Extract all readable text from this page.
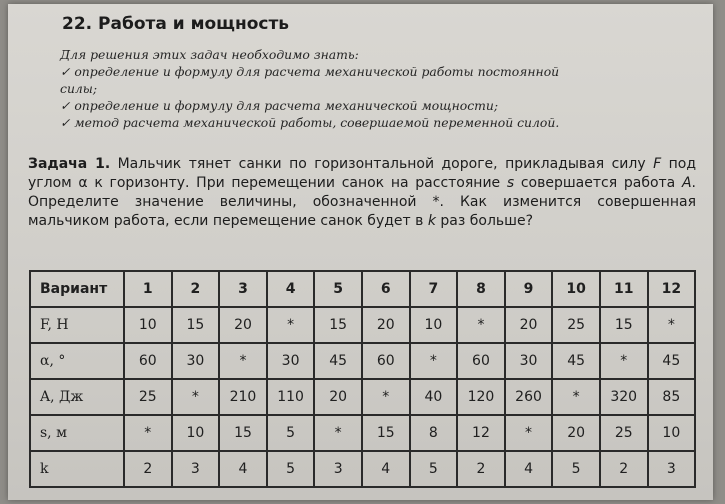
22. Работа и мощность

Для решения этих задач необходимо знать:

✓ определение и формулу для расчета механической работы постоянной силы;

✓ определение и формулу для расчета механической мощности;

✓ метод расчета механической работы, совершаемой переменной силой.

Задача 1. Мальчик тянет санки по горизонтальной дороге, прикладывая силу F под углом α к горизонту. При перемещении санок на расстояние s совершается работа A. Определите значение величины, обозначенной *. Как изменится совершенная мальчиком работа, если перемещение санок будет в k раз больше?
Вариант	1	2	3	4	5	6	7	8	9	10	11	12
F, Н	10	15	20	*	15	20	10	*	20	25	15	*
α, °	60	30	*	30	45	60	*	60	30	45	*	45
A, Дж	25	*	210	110	20	*	40	120	260	*	320	85
s, м	*	10	15	5	*	15	8	12	*	20	25	10
k	2	3	4	5	3	4	5	2	4	5	2	3
